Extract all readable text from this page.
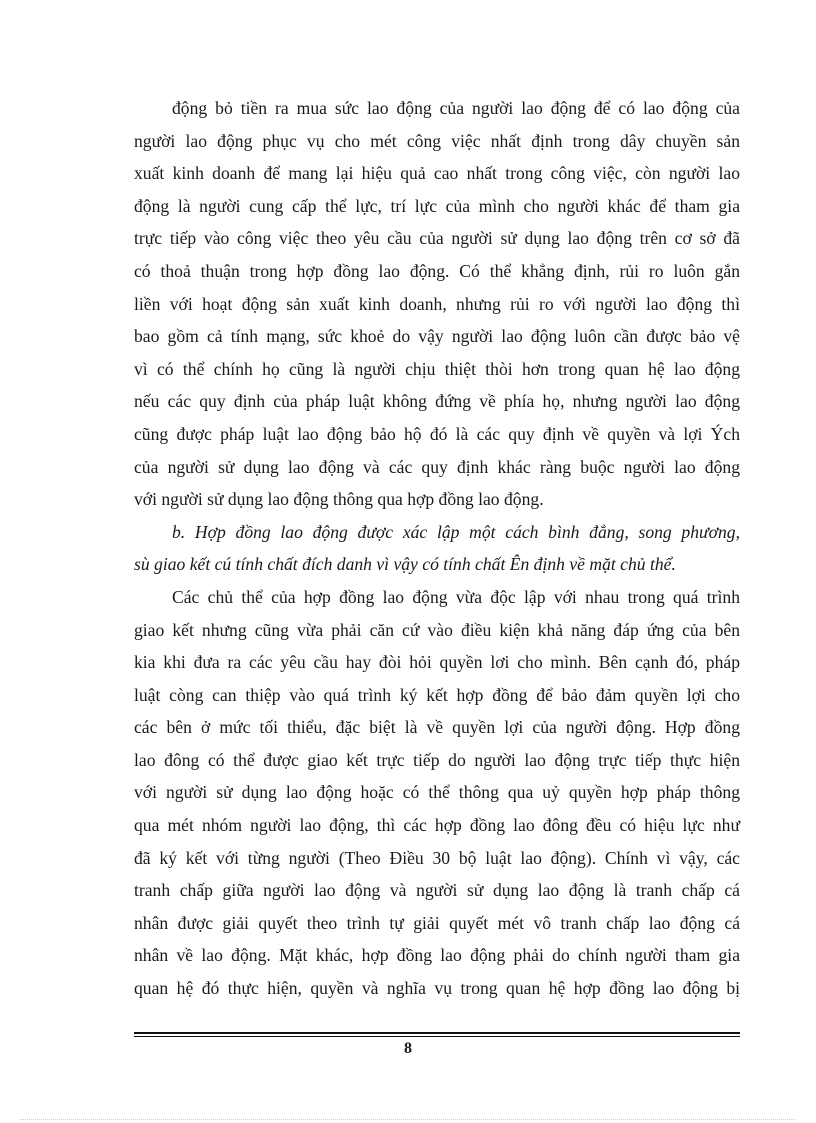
động bỏ tiền ra mua sức lao động của người lao động để có lao động của
người lao động phục vụ cho mét công việc nhất định trong dây chuyền sản
xuất kinh doanh để mang lại hiệu quả cao nhất trong công việc, còn người lao
động là người cung cấp thể lực, trí lực của mình cho người khác để tham gia
trực tiếp vào công việc theo yêu cầu của người sử dụng lao động trên cơ sở đã
có thoả thuận trong hợp đồng lao động. Có thể khẳng định, rủi ro luôn gắn
liền với hoạt động sản xuất kinh doanh, nhưng rủi ro với người lao động thì
bao gồm cả tính mạng, sức khoẻ do vậy người lao động luôn cần được bảo vệ
vì có thể chính họ cũng là người chịu thiệt thòi hơn trong quan hệ lao động
nếu các quy định của pháp luật không đứng về phía họ, nhưng người lao động
cũng được pháp luật lao động bảo hộ đó là các quy định về quyền và lợi Ých
của người sử dụng lao động và các quy định khác ràng buộc người lao động
với người sử dụng lao động thông qua hợp đồng lao động.
b. Hợp đồng lao động được xác lập một cách bình đẳng, song phương,
sù giao kết cú tính chất đích danh vì vậy có tính chất Ên định về mặt chủ thể.
Các chủ thể của hợp đồng lao động vừa độc lập với nhau trong quá trình
giao kết nhưng cũng vừa phải căn cứ vào điều kiện khả năng đáp ứng của bên
kia khi đưa ra các yêu cầu hay đòi hỏi quyền lơi cho mình. Bên cạnh đó, pháp
luật còng can thiệp vào quá trình ký kết hợp đồng để bảo đảm quyền lợi cho
các bên ở mức tối thiểu, đặc biệt là về quyền lợi của người động. Hợp đồng
lao đông có thể được giao kết trực tiếp do người lao động trực tiếp thực hiện
với người sử dụng lao động hoặc có thể thông qua uỷ quyền hợp pháp thông
qua mét nhóm người lao động, thì các hợp đồng lao đông đều có hiệu lực như
đã ký kết với từng người (Theo Điều 30 bộ luật lao động). Chính vì vậy, các
tranh chấp giữa người lao động và người sử dụng lao động là tranh chấp cá
nhân được giải quyết theo trình tự giải quyết mét vô tranh chấp lao động cá
nhân về lao động. Mặt khác, hợp đồng lao động phải do chính người tham gia
quan hệ đó thực hiện, quyền và nghĩa vụ trong quan hệ hợp đồng lao động bị
8
